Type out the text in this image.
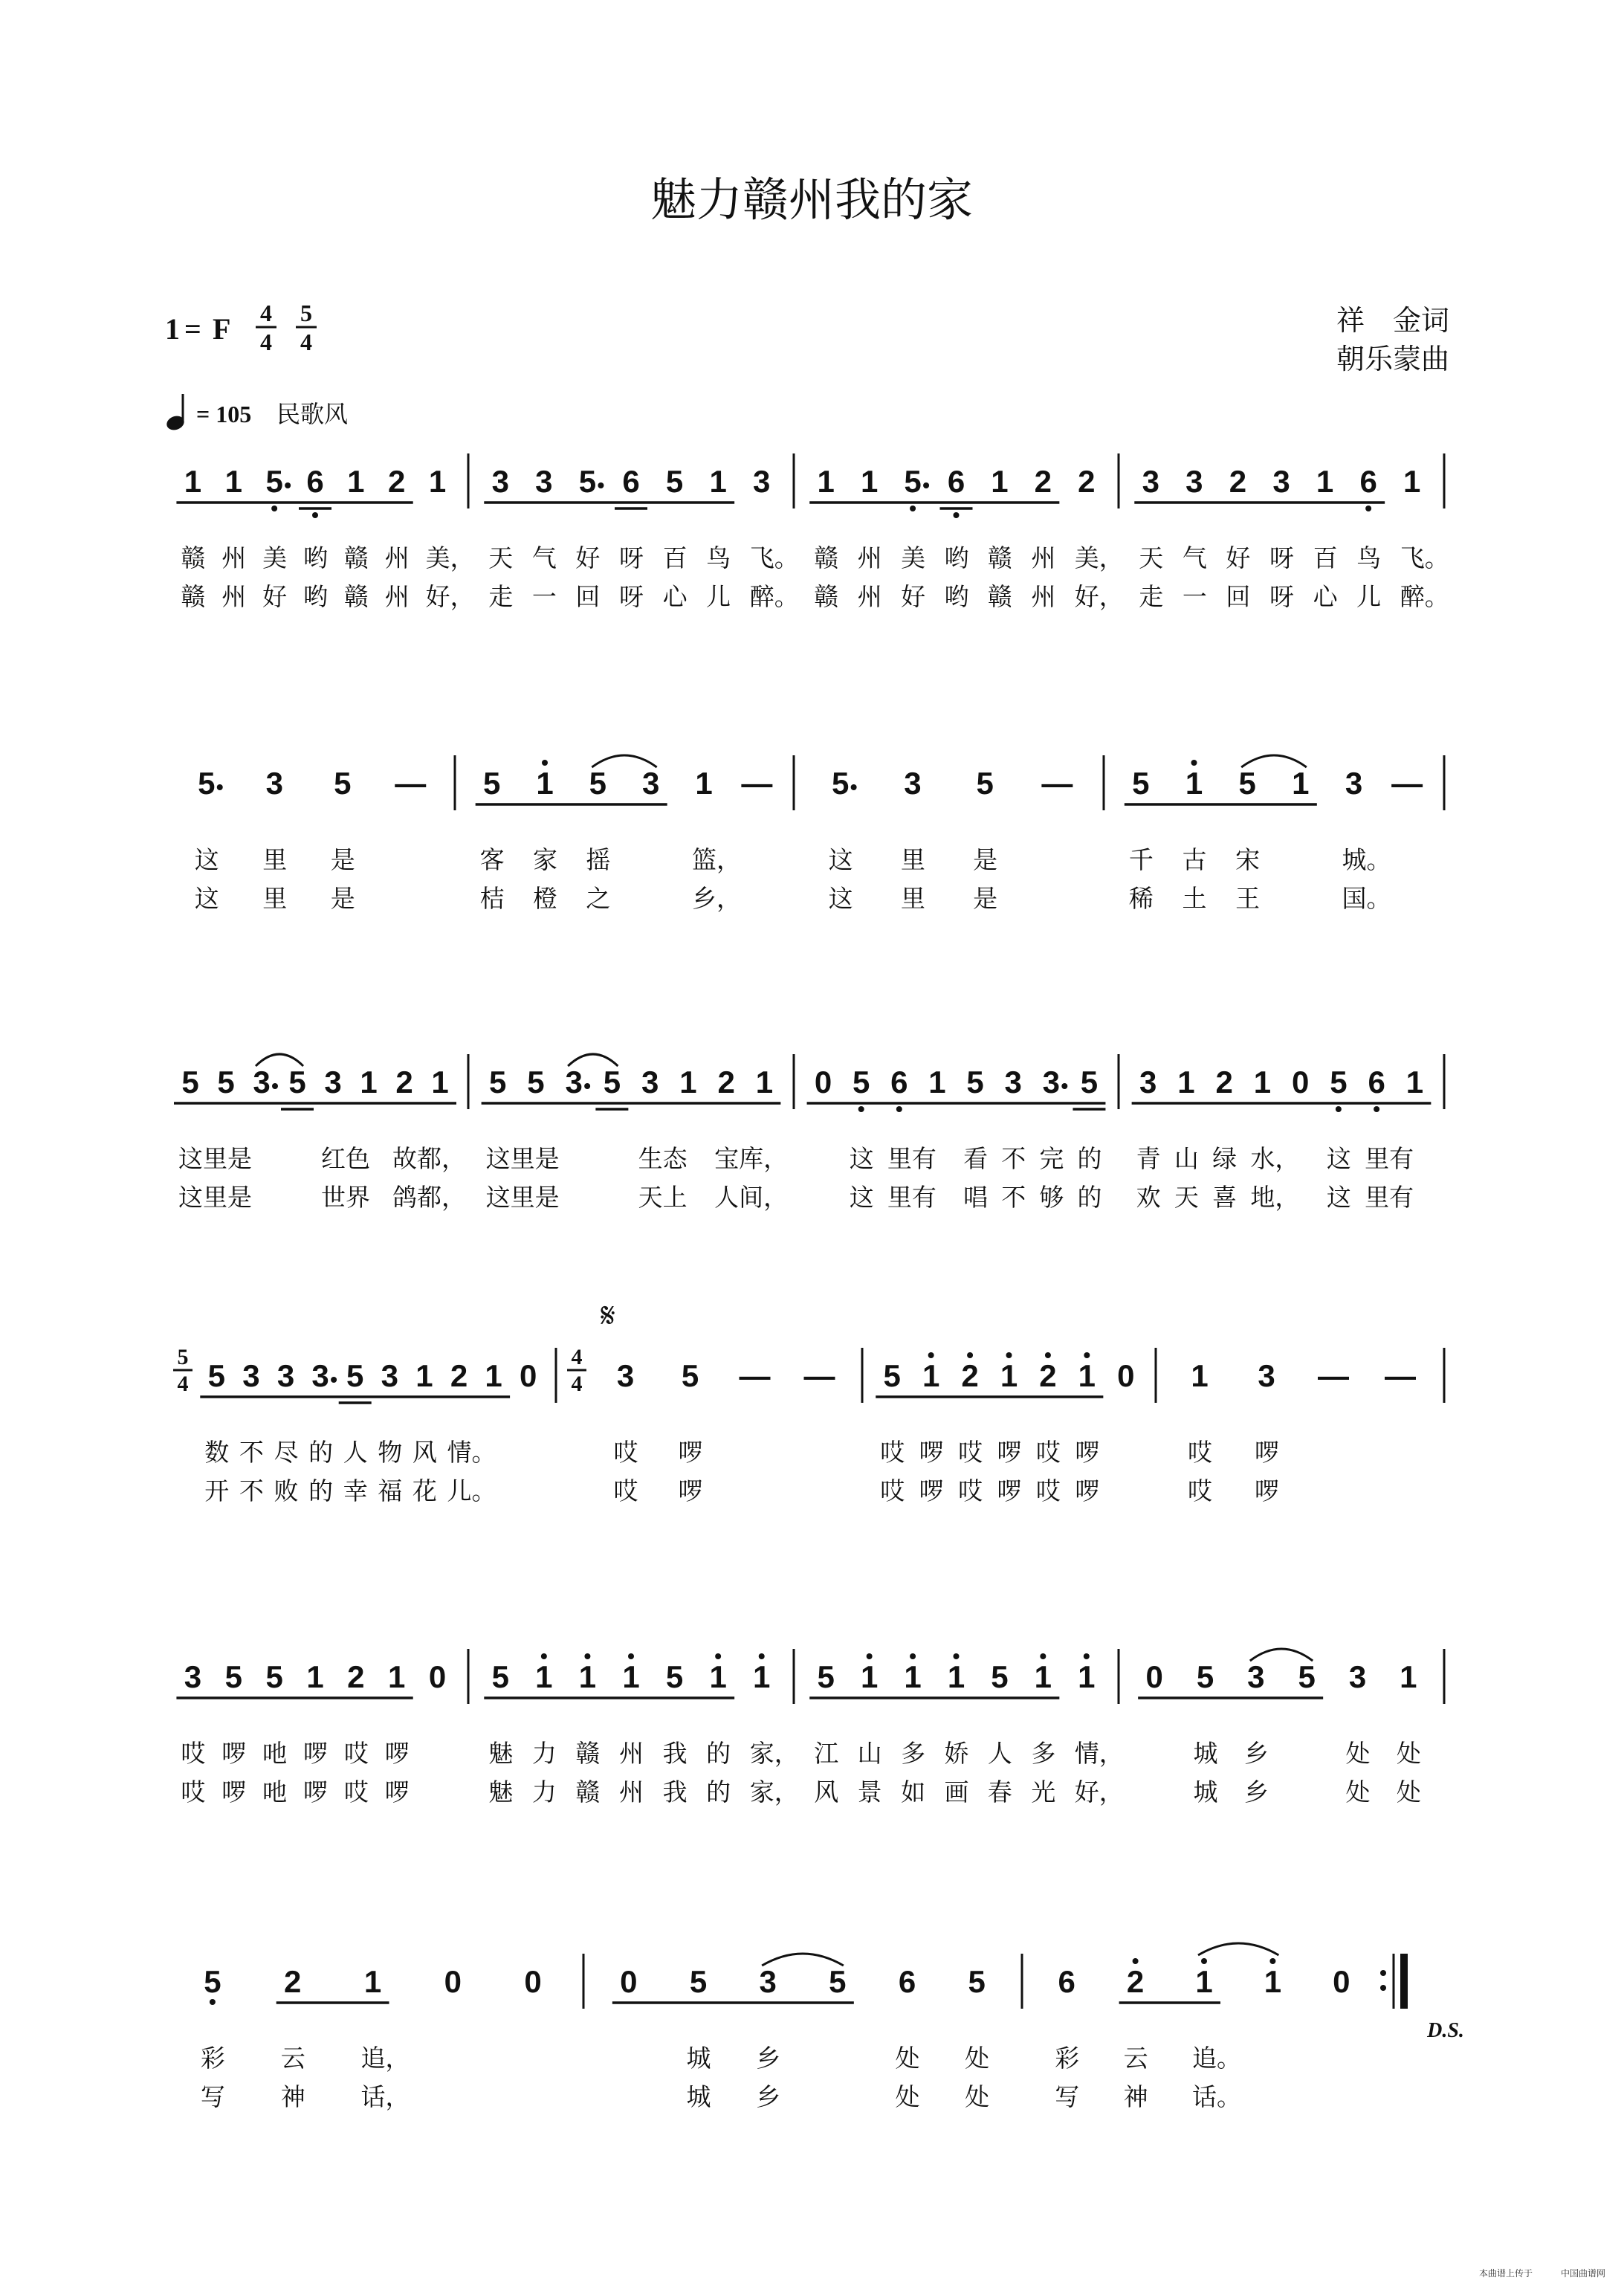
魅力赣州我的家
1 = F 4
4
5
4
= 105 民歌风
祥　金词
朝乐蒙曲
1
赣
赣
1
州
州
5
美
好
6
哟
哟
1
赣
赣
2
州
州
1
美，
好，
3
天
走
3
气
一
5
好
回
6
呀
呀
5
百
心
1
鸟
儿
3
飞。
醉。
1
赣
赣
1
州
州
5
美
好
6
哟
哟
1
赣
赣
2
州
州
2
美，
好，
3
天
走
3
气
一
2
好
回
3
呀
呀
1
百
心
6
鸟
儿
1
飞。
醉。
5
这
这
3
里
里
5
是
是
— 5
客
桔
1
家
橙
5
摇
之
3 1
篮，
乡，
— 5
这
这
3
里
里
5
是
是
— 5
千
稀
1
古
土
5
宋
王
1 3
城。
国。
—
5
这里是
这里是
5 3 5 3
红色
世界
1 2
故都，
鸽都，
1 5
这里是
这里是
5 3 5 3
生态
天上
1 2
宝库，
人间，
1 0 5
这
这
6
里有
里有
1 5
看
唱
3
不
不
3
完
够
5
的
的
3
青
欢
1
山
天
2
绿
喜
1
水，
地，
0 5
这
这
6
里有
里有
1
5
4 5
数
开
3
不
不
3
尽
败
3
的
的
5
人
幸
3
物
福
1
风
花
2
情。
儿。
1 0
4
4
𝄋
3
哎
哎
5
啰
啰
— — 5
哎
哎
1
啰
啰
2
哎
哎
1
啰
啰
2
哎
哎
1
啰
啰
0 1
哎
哎
3
啰
啰
— —
3
哎
哎
5
啰
啰
5
吔
吔
1
啰
啰
2
哎
哎
1
啰
啰
0 5
魅
魅
1
力
力
1
赣
赣
1
州
州
5
我
我
1
的
的
1
家，
家，
5
江
风
1
山
景
1
多
如
1
娇
画
5
人
春
1
多
光
1
情，
好，
0 5
城
城
3
乡
乡
5 3
处
处
1
处
处
5
彩
写
2
云
神
1
追，
话，
0 0	0 5
城
城
3
乡
乡
5 6
处
处
5
处
处
6
彩
写
2
云
神
1
追。
话。
1 0
D.S.
本曲谱上传于	中国曲谱网
